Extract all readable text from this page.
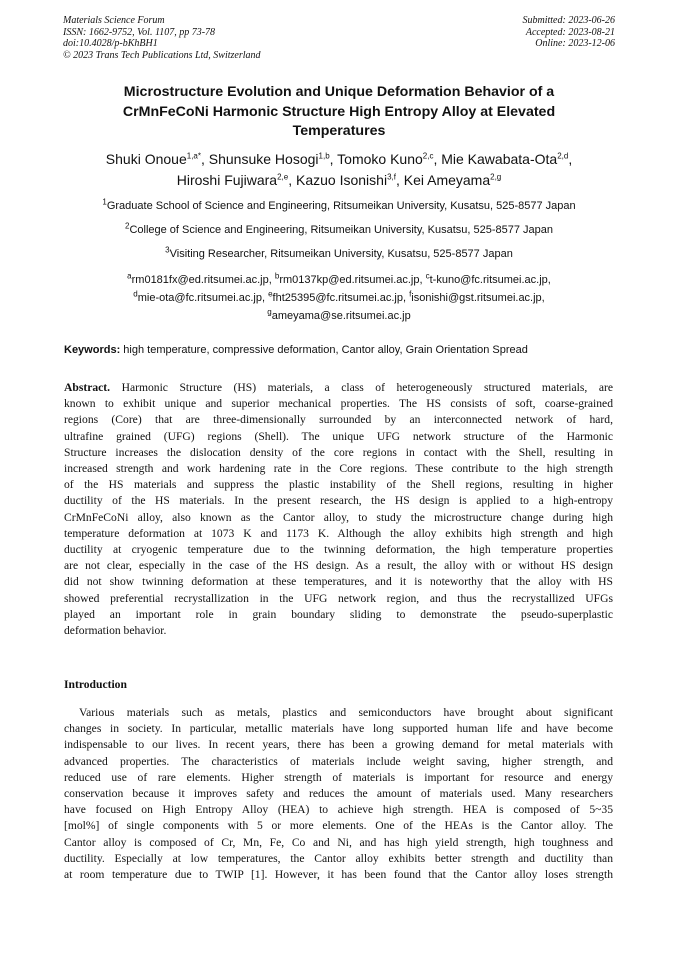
Materials Science Forum
ISSN: 1662-9752, Vol. 1107, pp 73-78
doi:10.4028/p-bKhBH1
© 2023 Trans Tech Publications Ltd, Switzerland
Submitted: 2023-06-26
Accepted: 2023-08-21
Online: 2023-12-06
Microstructure Evolution and Unique Deformation Behavior of a
CrMnFeCoNi Harmonic Structure High Entropy Alloy at Elevated
Temperatures
Shuki Onoue$^{1,a*}$, Shunsuke Hosogi$^{1,b}$, Tomoko Kuno$^{2,c}$, Mie Kawabata-Ota$^{2,d}$,
Hiroshi Fujiwara$^{2,e}$, Kazuo Isonishi$^{3,f}$, Kei Ameyama$^{2,g}$
$^1$Graduate School of Science and Engineering, Ritsumeikan University, Kusatsu, 525-8577 Japan
$^2$College of Science and Engineering, Ritsumeikan University, Kusatsu, 525-8577 Japan
$^3$Visiting Researcher, Ritsumeikan University, Kusatsu, 525-8577 Japan
$^a$rm0181fx@ed.ritsumei.ac.jp, $^b$rm0137kp@ed.ritsumei.ac.jp, $^c$t-kuno@fc.ritsumei.ac.jp,
$^d$mie-ota@fc.ritsumei.ac.jp, $^e$fht25395@fc.ritsumei.ac.jp, $^f$isonishi@gst.ritsumei.ac.jp,
$^g$ameyama@se.ritsumei.ac.jp
Keywords: high temperature, compressive deformation, Cantor alloy, Grain Orientation Spread
Abstract. Harmonic Structure (HS) materials, a class of heterogeneously structured materials, are
known to exhibit unique and superior mechanical properties. The HS consists of soft, coarse-grained
regions (Core) that are three-dimensionally surrounded by an interconnected network of hard,
ultrafine grained (UFG) regions (Shell). The unique UFG network structure of the Harmonic
Structure increases the dislocation density of the core regions in contact with the Shell, resulting in
increased strength and work hardening rate in the Core regions. These contribute to the high strength
of the HS materials and suppress the plastic instability of the Shell regions, resulting in higher
ductility of the HS materials. In the present research, the HS design is applied to a high-entropy
CrMnFeCoNi alloy, also known as the Cantor alloy, to study the microstructure change during high
temperature deformation at 1073 K and 1173 K. Although the alloy exhibits high strength and high
ductility at cryogenic temperature due to the twinning deformation, the high temperature properties
are not clear, especially in the case of the HS design. As a result, the alloy with or without HS design
did not show twinning deformation at these temperatures, and it is noteworthy that the alloy with HS
showed preferential recrystallization in the UFG network region, and thus the recrystallized UFGs
played an important role in grain boundary sliding to demonstrate the pseudo-superplastic
deformation behavior.
Introduction
Various materials such as metals, plastics and semiconductors have brought about significant
changes in society. In particular, metallic materials have long supported human life and have become
indispensable to our lives. In recent years, there has been a growing demand for metal materials with
advanced properties. The characteristics of materials include weight saving, higher strength, and
reduced use of rare elements. Higher strength of materials is important for resource and energy
conservation because it improves safety and reduces the amount of materials used. Many researchers
have focused on High Entropy Alloy (HEA) to achieve high strength. HEA is composed of 5~35
[mol%] of single components with 5 or more elements. One of the HEAs is the Cantor alloy. The
Cantor alloy is composed of Cr, Mn, Fe, Co and Ni, and has high yield strength, high toughness and
ductility. Especially at low temperatures, the Cantor alloy exhibits better strength and ductility than
at room temperature due to TWIP [1]. However, it has been found that the Cantor alloy loses strength
